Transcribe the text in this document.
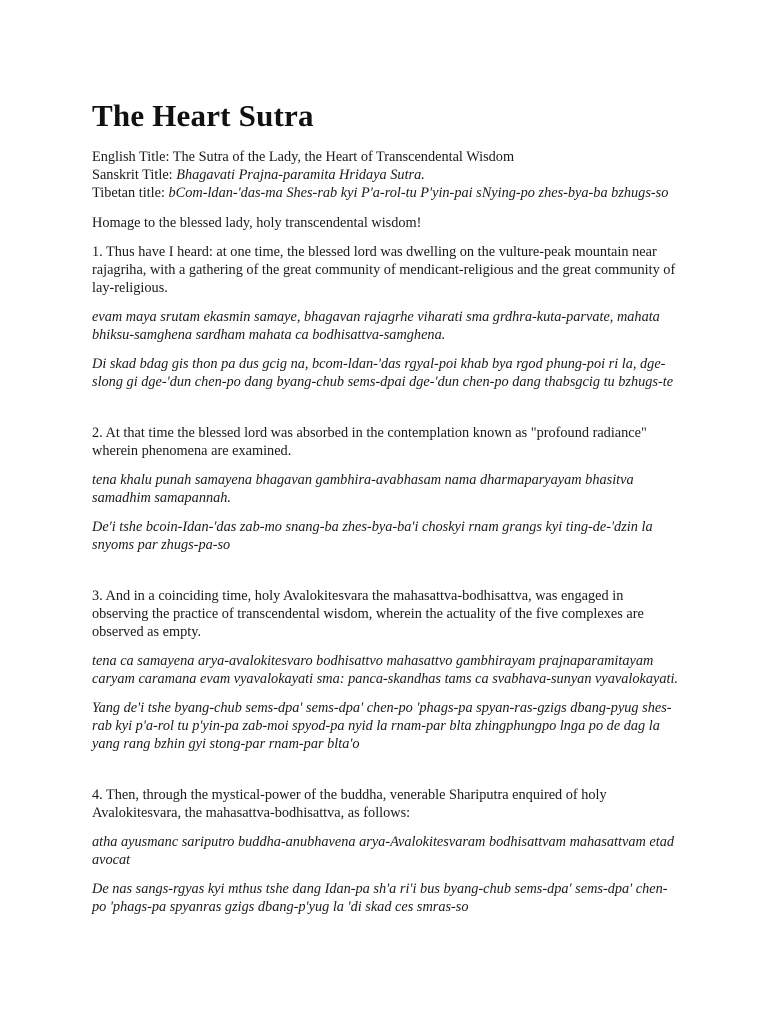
The Heart Sutra

English Title: The Sutra of the Lady, the Heart of Transcendental Wisdom

Sanskrit Title: Bhagavati Prajna-paramita Hridaya Sutra.

Tibetan title: bCom-ldan-'das-ma Shes-rab kyi P'a-rol-tu P'yin-pai sNying-po zhes-bya-ba bzhugs-so

Homage to the blessed lady, holy transcendental wisdom!

1. Thus have I heard: at one time, the blessed lord was dwelling on the vulture-peak mountain near rajagriha, with a gathering of the great community of mendicant-religious and the great community of lay-religious.

evam maya srutam ekasmin samaye, bhagavan rajagrhe viharati sma grdhra-kuta-parvate, mahata bhiksu-samghena sardham mahata ca bodhisattva-samghena.

Di skad bdag gis thon pa dus gcig na, bcom-ldan-'das rgyal-poi khab bya rgod phung-poi ri la, dge-slong gi dge-'dun chen-po dang byang-chub sems-dpai dge-'dun chen-po dang thabsgcig tu bzhugs-te

2. At that time the blessed lord was absorbed in the contemplation known as "profound radiance" wherein phenomena are examined.

tena khalu punah samayena bhagavan gambhira-avabhasam nama dharmaparyayam bhasitva samadhim samapannah.

De'i tshe bcoin-Idan-'das zab-mo snang-ba zhes-bya-ba'i choskyi rnam grangs kyi ting-de-'dzin la snyoms par zhugs-pa-so

3. And in a coinciding time, holy Avalokitesvara the mahasattva-bodhisattva, was engaged in observing the practice of transcendental wisdom, wherein the actuality of the five complexes are observed as empty.

tena ca samayena arya-avalokitesvaro bodhisattvo mahasattvo gambhirayam prajnaparamitayam caryam caramana evam vyavalokayati sma: panca-skandhas tams ca svabhava-sunyan vyavalokayati.

Yang de'i tshe byang-chub sems-dpa' sems-dpa' chen-po 'phags-pa spyan-ras-gzigs dbang-pyug shes-rab kyi p'a-rol tu p'yin-pa zab-moi spyod-pa nyid la rnam-par blta zhingphungpo lnga po de dag la yang rang bzhin gyi stong-par rnam-par blta'o

4. Then, through the mystical-power of the buddha, venerable Shariputra enquired of holy Avalokitesvara, the mahasattva-bodhisattva, as follows:

atha ayusmanc sariputro buddha-anubhavena arya-Avalokitesvaram bodhisattvam mahasattvam etad avocat

De nas sangs-rgyas kyi mthus tshe dang Idan-pa sh'a ri'i bus byang-chub sems-dpa' sems-dpa' chen-po 'phags-pa spyanras gzigs dbang-p'yug la 'di skad ces smras-so
